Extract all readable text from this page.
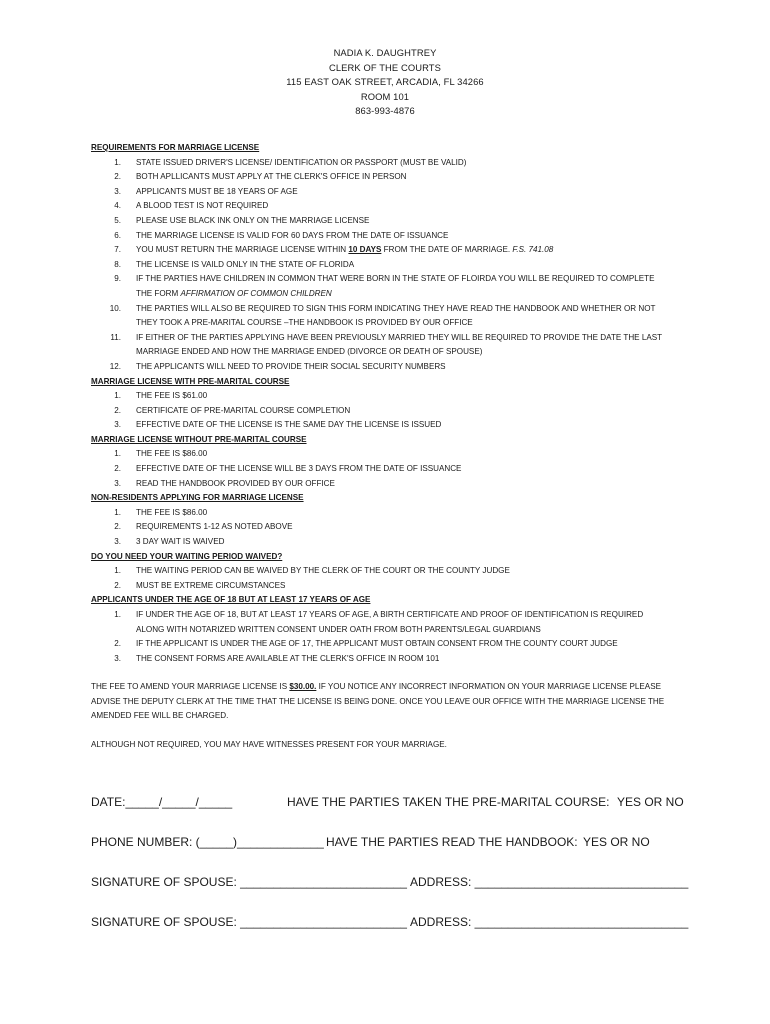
NADIA K. DAUGHTREY
CLERK OF THE COURTS
115 EAST OAK STREET, ARCADIA, FL 34266
ROOM 101
863-993-4876
REQUIREMENTS FOR MARRIAGE LICENSE
1. STATE ISSUED DRIVER'S LICENSE/ IDENTIFICATION OR PASSPORT (MUST BE VALID)
2. BOTH APLLICANTS MUST APPLY AT THE CLERK'S OFFICE IN PERSON
3. APPLICANTS MUST BE 18 YEARS OF AGE
4. A BLOOD TEST IS NOT REQUIRED
5. PLEASE USE BLACK INK ONLY ON THE MARRIAGE LICENSE
6. THE MARRIAGE LICENSE IS VALID FOR 60 DAYS FROM THE DATE OF ISSUANCE
7. YOU MUST RETURN THE MARRIAGE LICENSE WITHIN 10 DAYS FROM THE DATE OF MARRIAGE. F.S. 741.08
8. THE LICENSE IS VAILD ONLY IN THE STATE OF FLORIDA
9. IF THE PARTIES HAVE CHILDREN IN COMMON THAT WERE BORN IN THE STATE OF FLOIRDA YOU WILL BE REQUIRED TO COMPLETE
THE FORM AFFIRMATION OF COMMON CHILDREN
10. THE PARTIES WILL ALSO BE REQUIRED TO SIGN THIS FORM INDICATING THEY HAVE READ THE HANDBOOK AND WHETHER OR NOT
THEY TOOK A PRE-MARITAL COURSE –THE HANDBOOK IS PROVIDED BY OUR OFFICE
11. IF EITHER OF THE PARTIES APPLYING HAVE BEEN PREVIOUSLY MARRIED THEY WILL BE REQUIRED TO PROVIDE THE DATE THE LAST
MARRIAGE ENDED AND HOW THE MARRIAGE ENDED (DIVORCE OR DEATH OF SPOUSE)
12. THE APPLICANTS WILL NEED TO PROVIDE THEIR SOCIAL SECURITY NUMBERS
MARRIAGE LICENSE WITH PRE-MARITAL COURSE
1. THE FEE IS $61.00
2. CERTIFICATE OF PRE-MARITAL COURSE COMPLETION
3. EFFECTIVE DATE OF THE LICENSE IS THE SAME DAY THE LICENSE IS ISSUED
MARRIAGE LICENSE WITHOUT PRE-MARITAL COURSE
1. THE FEE IS $86.00
2. EFFECTIVE DATE OF THE LICENSE WILL BE 3 DAYS FROM THE DATE OF ISSUANCE
3. READ THE HANDBOOK PROVIDED BY OUR OFFICE
NON-RESIDENTS APPLYING FOR MARRIAGE LICENSE
1. THE FEE IS $86.00
2. REQUIREMENTS 1-12 AS NOTED ABOVE
3. 3 DAY WAIT IS WAIVED
DO YOU NEED YOUR WAITING PERIOD WAIVED?
1. THE WAITING PERIOD CAN BE WAIVED BY THE CLERK OF THE COURT OR THE COUNTY JUDGE
2. MUST BE EXTREME CIRCUMSTANCES
APPLICANTS UNDER THE AGE OF 18 BUT AT LEAST 17 YEARS OF AGE
1. IF UNDER THE AGE OF 18, BUT AT LEAST 17 YEARS OF AGE, A BIRTH CERTIFICATE AND PROOF OF IDENTIFICATION IS REQUIRED
ALONG WITH NOTARIZED WRITTEN CONSENT UNDER OATH FROM BOTH PARENTS/LEGAL GUARDIANS
2. IF THE APPLICANT IS UNDER THE AGE OF 17, THE APPLICANT MUST OBTAIN CONSENT FROM THE COUNTY COURT JUDGE
3. THE CONSENT FORMS ARE AVAILABLE AT THE CLERK'S OFFICE IN ROOM 101
THE FEE TO AMEND YOUR MARRIAGE LICENSE IS $30.00. IF YOU NOTICE ANY INCORRECT INFORMATION ON YOUR MARRIAGE LICENSE PLEASE
ADVISE THE DEPUTY CLERK AT THE TIME THAT THE LICENSE IS BEING DONE. ONCE YOU LEAVE OUR OFFICE WITH THE MARRIAGE LICENSE THE
AMENDED FEE WILL BE CHARGED.
ALTHOUGH NOT REQUIRED, YOU MAY HAVE WITNESSES PRESENT FOR YOUR MARRIAGE.
DATE:_____/_____/_____	HAVE THE PARTIES TAKEN THE PRE-MARITAL COURSE: YES OR NO
PHONE NUMBER: (_____)_____________ HAVE THE PARTIES READ THE HANDBOOK: YES OR NO
SIGNATURE OF SPOUSE: _________________________ ADDRESS: ________________________________
SIGNATURE OF SPOUSE: _________________________ ADDRESS: ________________________________
